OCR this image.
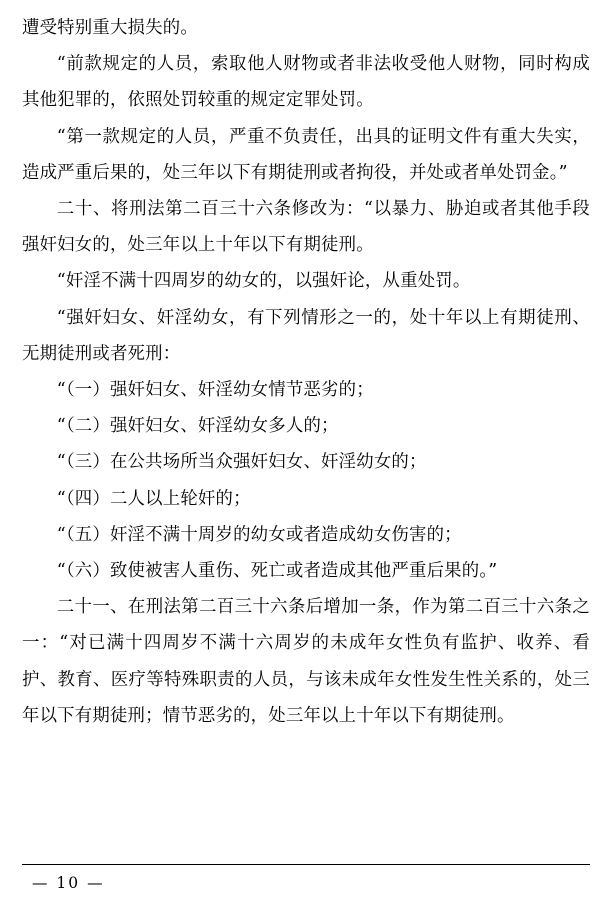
遭受特别重大损失的。

“前款规定的人员，索取他人财物或者非法收受他人财物，同时构成其他犯罪的，依照处罚较重的规定定罪处罚。

“第一款规定的人员，严重不负责任，出具的证明文件有重大失实，造成严重后果的，处三年以下有期徒刑或者拘役，并处或者单处罚金。”

二十、将刑法第二百三十六条修改为：“以暴力、胁迫或者其他手段强奸妇女的，处三年以上十年以下有期徒刑。

“奸淫不满十四周岁的幼女的，以强奸论，从重处罚。

“强奸妇女、奸淫幼女，有下列情形之一的，处十年以上有期徒刑、无期徒刑或者死刑：

“（一）强奸妇女、奸淫幼女情节恶劣的；

“（二）强奸妇女、奸淫幼女多人的；

“（三）在公共场所当众强奸妇女、奸淫幼女的；

“（四）二人以上轮奸的；

“（五）奸淫不满十周岁的幼女或者造成幼女伤害的；

“（六）致使被害人重伤、死亡或者造成其他严重后果的。”

二十一、在刑法第二百三十六条后增加一条，作为第二百三十六条之一：“对已满十四周岁不满十六周岁的未成年女性负有监护、收养、看护、教育、医疗等特殊职责的人员，与该未成年女性发生性关系的，处三年以下有期徒刑；情节恶劣的，处三年以上十年以下有期徒刑。

— 10 —
